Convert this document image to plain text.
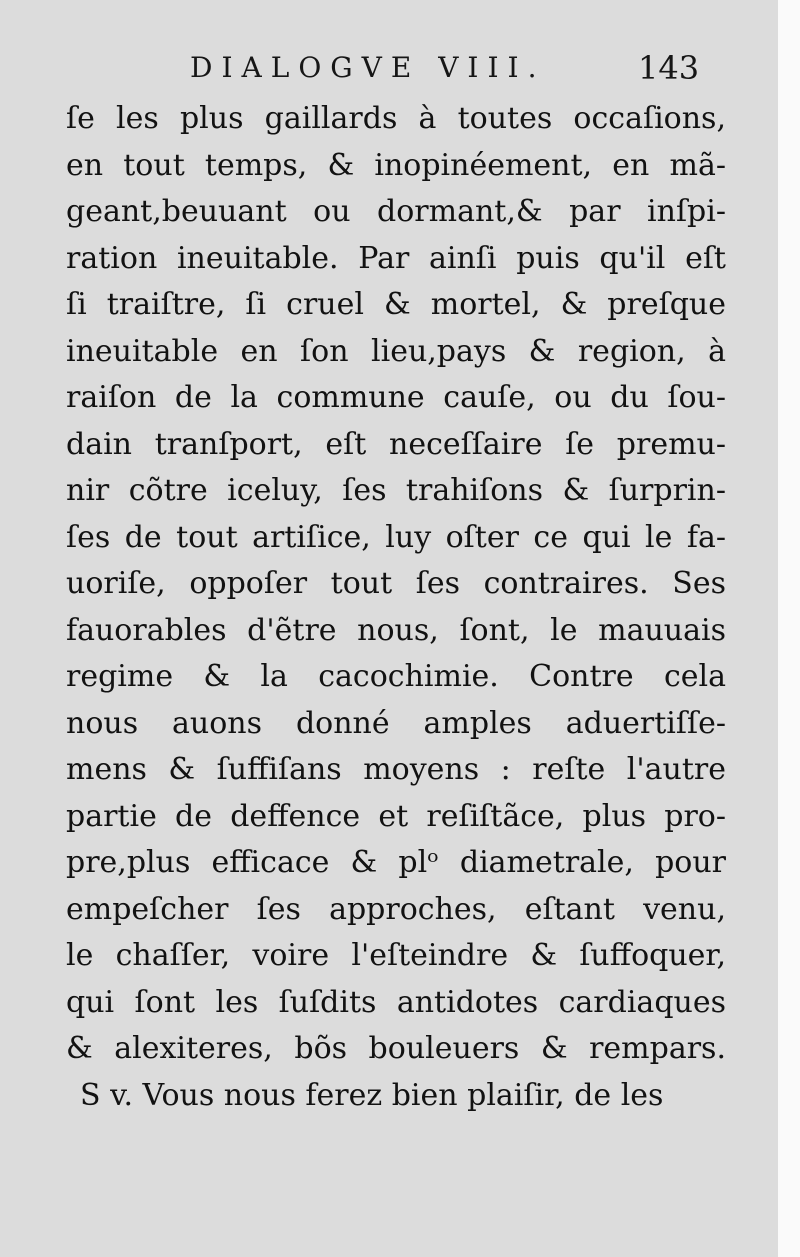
DIALOGVE VIII.	143
ſe les plus gaillards à toutes occaſions,
en tout temps, & inopinéement, en mã-
geant,beuuant ou dormant,& par inſpi-
ration ineuitable. Par ainſi puis qu'il eſt
ſi traiſtre, ſi cruel & mortel, & preſque
ineuitable en ſon lieu,pays & region, à
raiſon de la commune cauſe, ou du ſou-
dain tranſport, eſt neceſſaire ſe premu-
nir cõtre iceluy, ſes trahiſons & ſurprin-
ſes de tout artiſice, luy oſter ce qui le fa-
uoriſe, oppoſer tout ſes contraires. Ses
fauorables d'ẽtre nous, ſont, le mauuais
regime & la cacochimie. Contre cela
nous auons donné amples aduertiſſe-
mens & ſuffiſans moyens : reſte l'autre
partie de deffence et reſiſtãce, plus pro-
pre,plus efficace & plᵒ diametrale, pour
empeſcher ſes approches, eſtant venu,
le chaſſer, voire l'eſteindre & ſuffoquer,
qui ſont les ſuſdits antidotes cardiaques
& alexiteres, bõs bouleuers & rempars.
S v. Vous nous ferez bien plaiſir, de les
